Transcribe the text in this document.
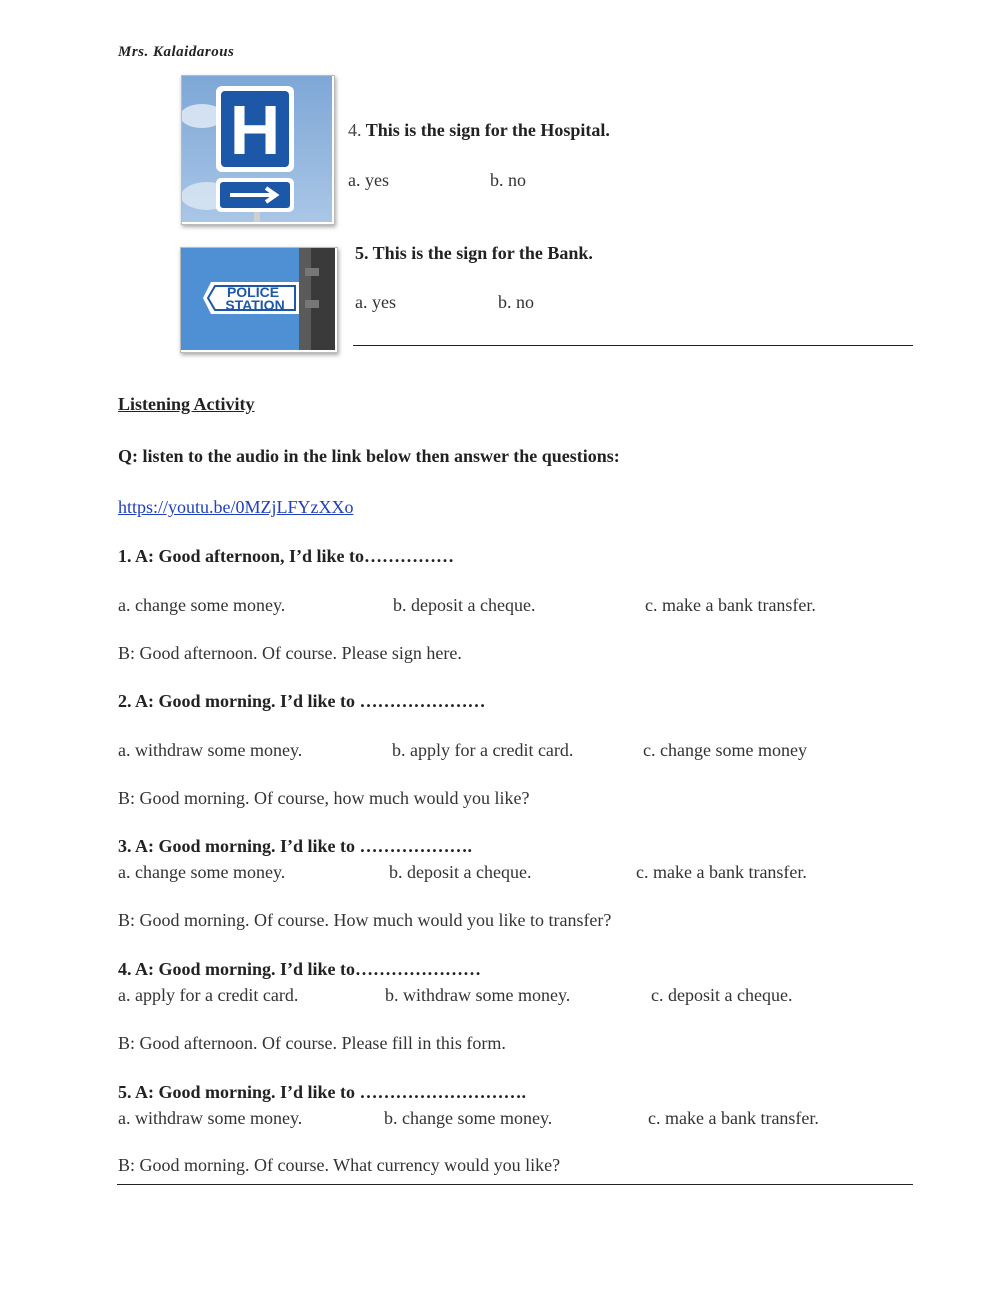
Mrs. Kalaidarous
H	4. This is the sign for the Hospital.
a. yes	b. no
POLICE
STATION
5. This is the sign for the Bank.
a. yes	b. no
Listening Activity
Q: listen to the audio in the link below then answer the questions:
https://youtu.be/0MZjLFYzXXo
1. A: Good afternoon, I’d like to……………
a. change some money.	b. deposit a cheque.	c. make a bank transfer.
B: Good afternoon. Of course. Please sign here.
2. A: Good morning. I’d like to …………………
a. withdraw some money.	b. apply for a credit card.	c. change some money
B: Good morning. Of course, how much would you like?
3. A: Good morning. I’d like to ……………….
a. change some money.	b. deposit a cheque.	c. make a bank transfer.
B: Good morning. Of course. How much would you like to transfer?
4. A: Good morning. I’d like to…………………
a. apply for a credit card.	b. withdraw some money.	c. deposit a cheque.
B: Good afternoon. Of course. Please fill in this form.
5. A: Good morning. I’d like to ……………………….
a. withdraw some money.	b. change some money.	c. make a bank transfer.
B: Good morning. Of course. What currency would you like?
